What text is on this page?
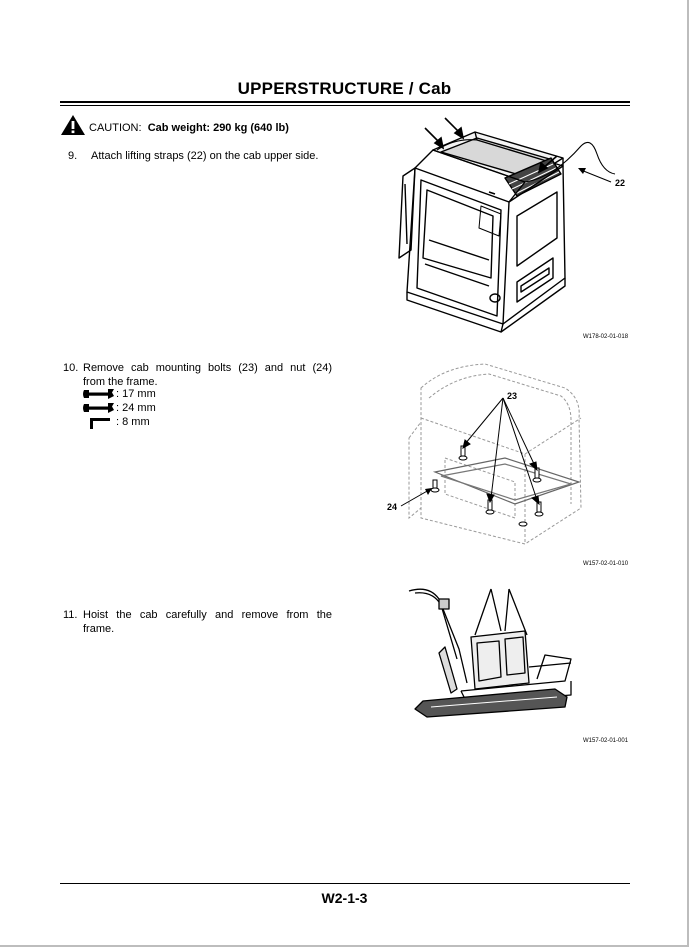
UPPERSTRUCTURE / Cab
CAUTION: Cab weight: 290 kg (640 lb)
9. Attach lifting straps (22) on the cab upper side.
10. Remove cab mounting bolts (23) and nut (24)
from the frame.
: 17 mm
: 24 mm
: 8 mm
11. Hoist the cab carefully and remove from the
frame.
22
W178-02-01-018
23
24
W157-02-01-010
W157-02-01-001
W2-1-3
